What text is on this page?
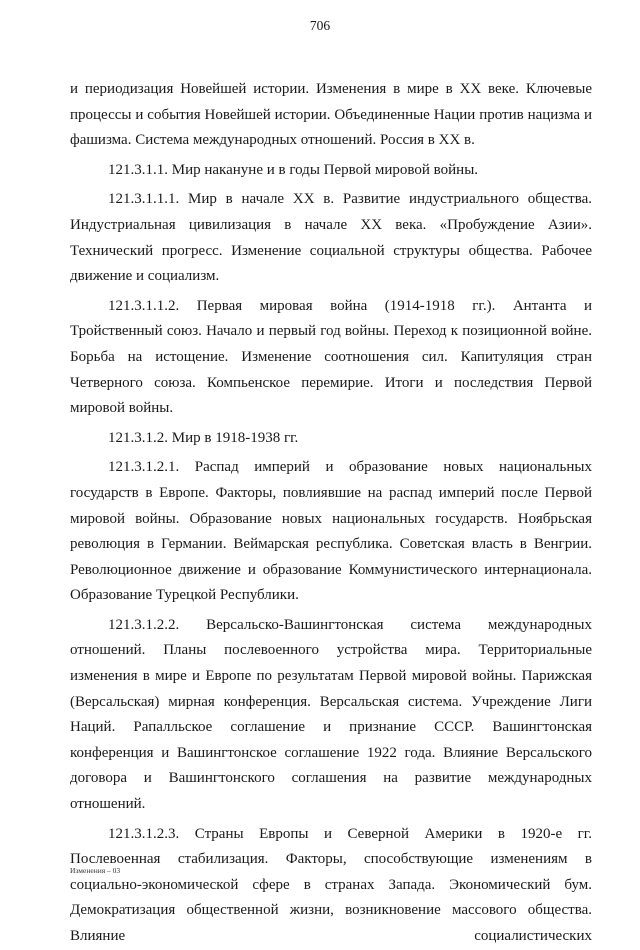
706

и периодизация Новейшей истории. Изменения в мире в XX веке. Ключевые процессы и события Новейшей истории. Объединенные Нации против нацизма и фашизма. Система международных отношений. Россия в XX в.

121.3.1.1. Мир накануне и в годы Первой мировой войны.

121.3.1.1.1. Мир в начале XX в. Развитие индустриального общества. Индустриальная цивилизация в начале XX века. «Пробуждение Азии». Технический прогресс. Изменение социальной структуры общества. Рабочее движение и социализм.

121.3.1.1.2. Первая мировая война (1914-1918 гг.). Антанта и Тройственный союз. Начало и первый год войны. Переход к позиционной войне. Борьба на истощение. Изменение соотношения сил. Капитуляция стран Четверного союза. Компьенское перемирие. Итоги и последствия Первой мировой войны.

121.3.1.2. Мир в 1918-1938 гг.

121.3.1.2.1. Распад империй и образование новых национальных государств в Европе. Факторы, повлиявшие на распад империй после Первой мировой войны. Образование новых национальных государств. Ноябрьская революция в Германии. Веймарская республика. Советская власть в Венгрии. Революционное движение и образование Коммунистического интернационала. Образование Турецкой Республики.

121.3.1.2.2. Версальско-Вашингтонская система международных отношений. Планы послевоенного устройства мира. Территориальные изменения в мире и Европе по результатам Первой мировой войны. Парижская (Версальская) мирная конференция. Версальская система. Учреждение Лиги Наций. Рапалльское соглашение и признание СССР. Вашингтонская конференция и Вашингтонское соглашение 1922 года. Влияние Версальского договора и Вашингтонского соглашения на развитие международных отношений.

121.3.1.2.3. Страны Европы и Северной Америки в 1920-е гг. Послевоенная стабилизация. Факторы, способствующие изменениям в социально-экономической сфере в странах Запада. Экономический бум. Демократизация общественной жизни, возникновение массового общества. Влияние социалистических

Изменения – 03
